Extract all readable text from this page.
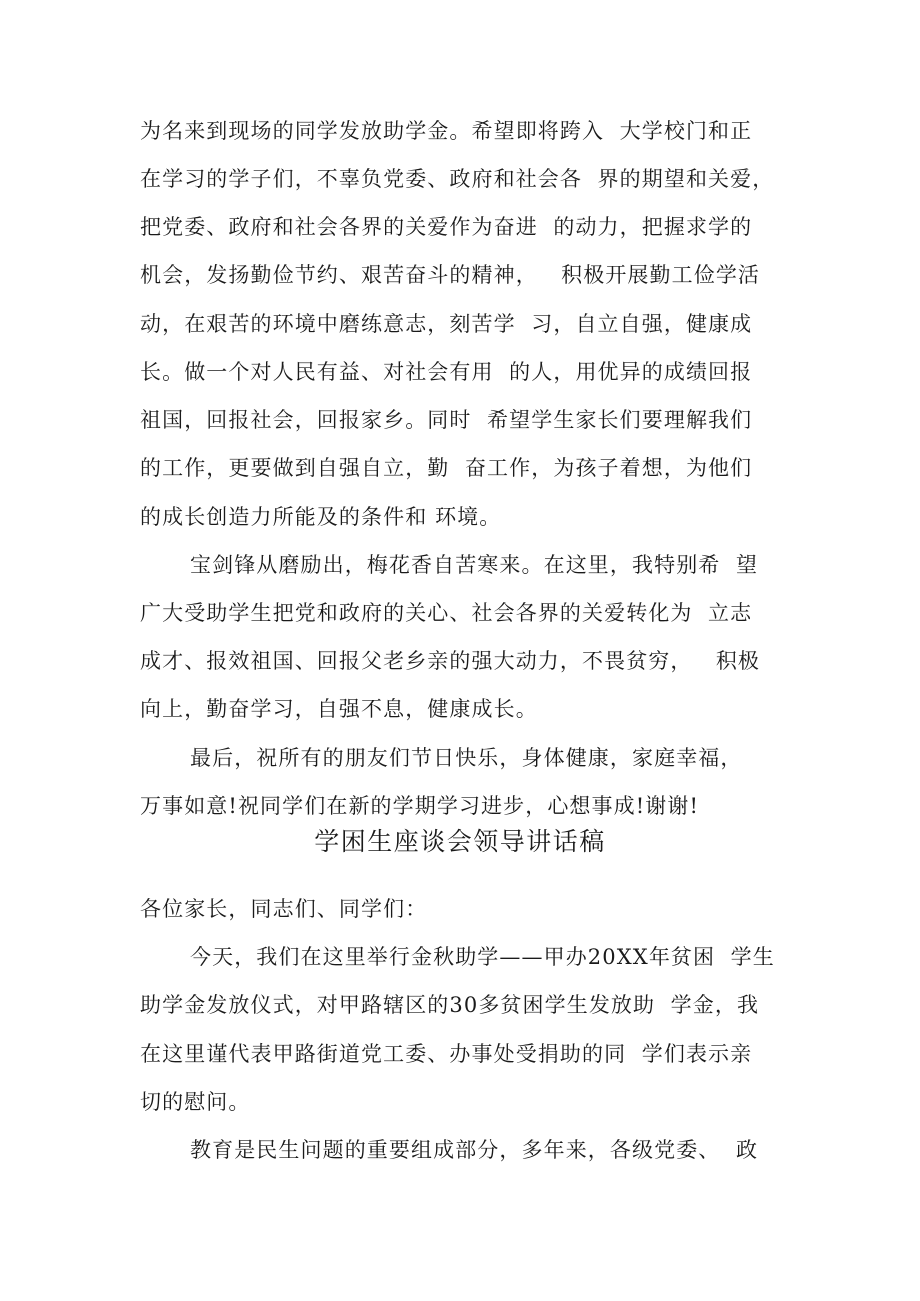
为名来到现场的同学发放助学金。希望即将跨入  大学校门和正
在学习的学子们，不辜负党委、政府和社会各  界的期望和关爱，
把党委、政府和社会各界的关爱作为奋进  的动力，把握求学的
机会，发扬勤俭节约、艰苦奋斗的精神，   积极开展勤工俭学活
动，在艰苦的环境中磨练意志，刻苦学  习，自立自强，健康成
长。做一个对人民有益、对社会有用  的人，用优异的成绩回报
祖国，回报社会，回报家乡。同时  希望学生家长们要理解我们
的工作，更要做到自强自立，勤  奋工作，为孩子着想，为他们
的成长创造力所能及的条件和 环境。
宝剑锋从磨励出，梅花香自苦寒来。在这里，我特别希  望
广大受助学生把党和政府的关心、社会各界的关爱转化为  立志
成才、报效祖国、回报父老乡亲的强大动力，不畏贫穷，   积极
向上，勤奋学习，自强不息，健康成长。
最后，祝所有的朋友们节日快乐，身体健康，家庭幸福，
万事如意!祝同学们在新的学期学习进步，心想事成!谢谢!
学困生座谈会领导讲话稿
各位家长，同志们、同学们：
今天，我们在这里举行金秋助学——甲办20XX年贫困  学生
助学金发放仪式，对甲路辖区的30多贫困学生发放助  学金，我
在这里谨代表甲路街道党工委、办事处受捐助的同  学们表示亲
切的慰问。
教育是民生问题的重要组成部分，多年来，各级党委、  政
